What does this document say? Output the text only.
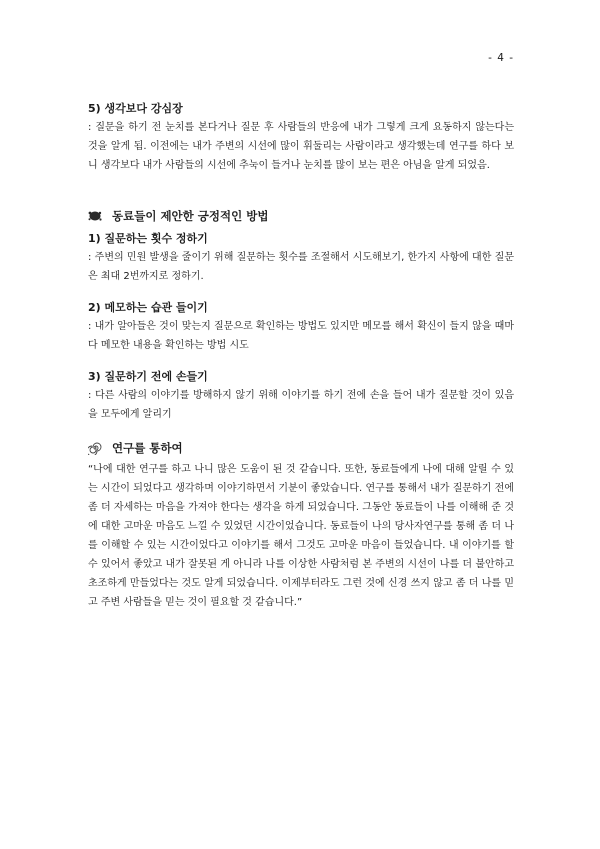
- 4 -
5) 생각보다 강심장

: 질문을 하기 전 눈치를 본다거나 질문 후 사람들의 반응에 내가 그렇게 크게 요동하지 않는다는 것을 알게 됨. 이전에는 내가 주변의 시선에 많이 휘둘리는 사람이라고 생각했는데 연구를 하다 보니 생각보다 내가 사람들의 시선에 추눅이 들거나 눈치를 많이 보는 편은 아님을 알게 되었음.

동료들이 제안한 긍정적인 방법
1) 질문하는 횟수 정하기

: 주변의 민원 발생을 줄이기 위해 질문하는 횟수를 조절해서 시도해보기, 한가지 사항에 대한 질문은 최대 2번까지로 정하기.

2) 메모하는 습관 들이기

: 내가 알아들은 것이 맞는지 질문으로 확인하는 방법도 있지만 메모를 해서 확신이 들지 않을 때마다 메모한 내용을 확인하는 방법 시도

3) 질문하기 전에 손들기

: 다른 사람의 이야기를 방해하지 않기 위해 이야기를 하기 전에 손을 들어 내가 질문할 것이 있음을 모두에게 알리기

연구를 통하여

“나에 대한 연구를 하고 나니 많은 도움이 된 것 같습니다. 또한, 동료들에게 나에 대해 알릴 수 있는 시간이 되었다고 생각하며 이야기하면서 기분이 좋았습니다. 연구를 통해서 내가 질문하기 전에 좀 더 자세하는 마음을 가져야 한다는 생각을 하게 되었습니다. 그동안 동료들이 나를 이해해 준 것에 대한 고마운 마음도 느낄 수 있었던 시간이었습니다. 동료들이 나의 당사자연구를 통해 좀 더 나를 이해할 수 있는 시간이었다고 이야기를 해서 그것도 고마운 마음이 들었습니다. 내 이야기를 할 수 있어서 좋았고 내가 잘못된 게 아니라 나를 이상한 사람처럼 본 주변의 시선이 나를 더 불안하고 초조하게 만들었다는 것도 알게 되었습니다. 이제부터라도 그런 것에 신경 쓰지 않고 좀 더 나를 믿고 주변 사람들을 믿는 것이 필요할 것 같습니다.”
